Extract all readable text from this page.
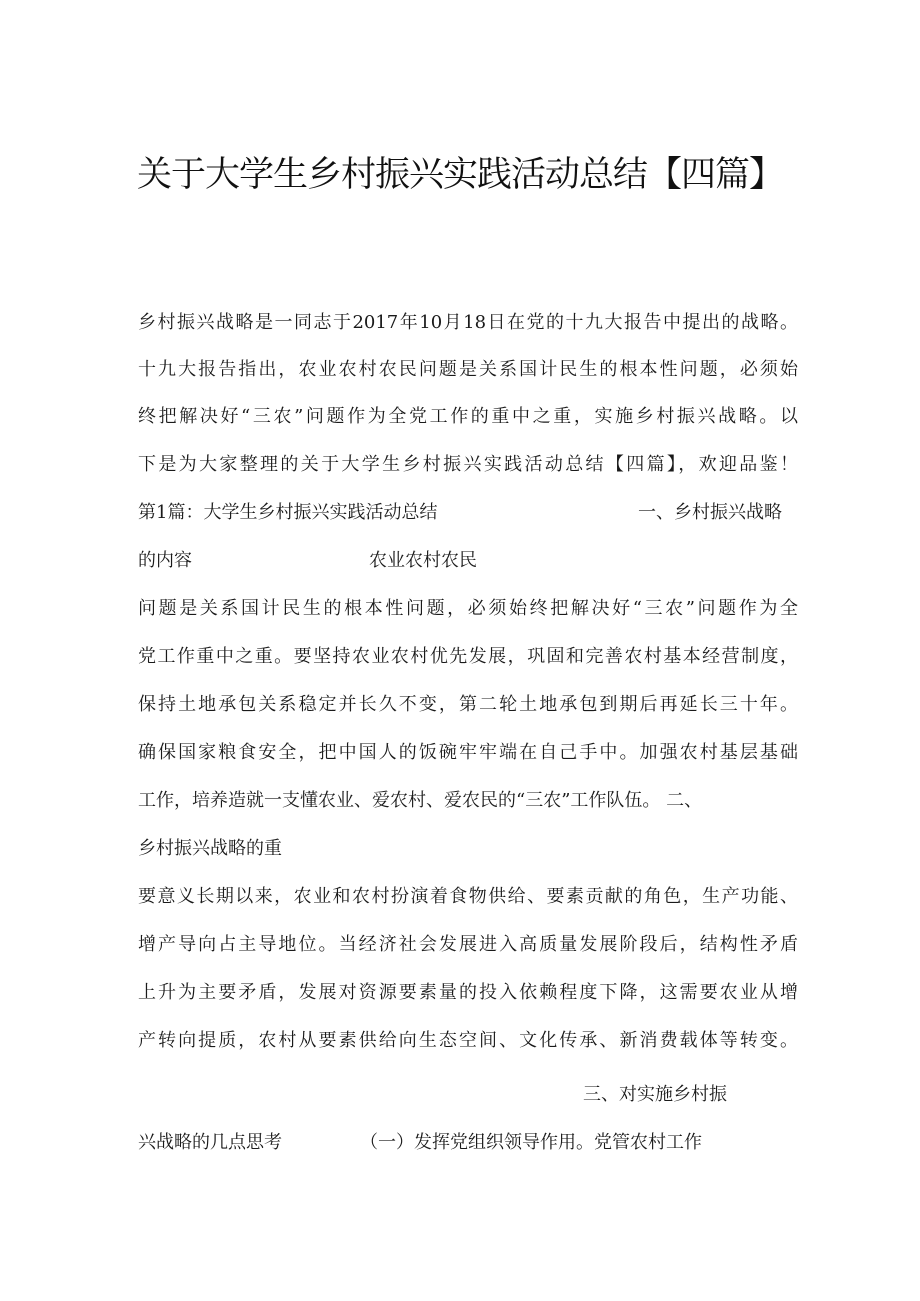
关于大学生乡村振兴实践活动总结【四篇】
乡村振兴战略是一同志于2017年10月18日在党的十九大报告中提出的战略。
十九大报告指出，农业农村农民问题是关系国计民生的根本性问题，必须始
终把解决好“三农”问题作为全党工作的重中之重，实施乡村振兴战略。以
下是为大家整理的关于大学生乡村振兴实践活动总结【四篇】，欢迎品鉴！
第1篇：大学生乡村振兴实践活动总结	一、乡村振兴战略
的内容	农业农村农民
问题是关系国计民生的根本性问题，必须始终把解决好“三农”问题作为全
党工作重中之重。要坚持农业农村优先发展，巩固和完善农村基本经营制度，
保持土地承包关系稳定并长久不变，第二轮土地承包到期后再延长三十年。
确保国家粮食安全，把中国人的饭碗牢牢端在自己手中。加强农村基层基础
工作，培养造就一支懂农业、爱农村、爱农民的“三农”工作队伍。 二、
乡村振兴战略的重
要意义长期以来，农业和农村扮演着食物供给、要素贡献的角色，生产功能、
增产导向占主导地位。当经济社会发展进入高质量发展阶段后，结构性矛盾
上升为主要矛盾，发展对资源要素量的投入依赖程度下降，这需要农业从增
产转向提质，农村从要素供给向生态空间、文化传承、新消费载体等转变。
三、对实施乡村振
兴战略的几点思考	（一）发挥党组织领导作用。党管农村工作
